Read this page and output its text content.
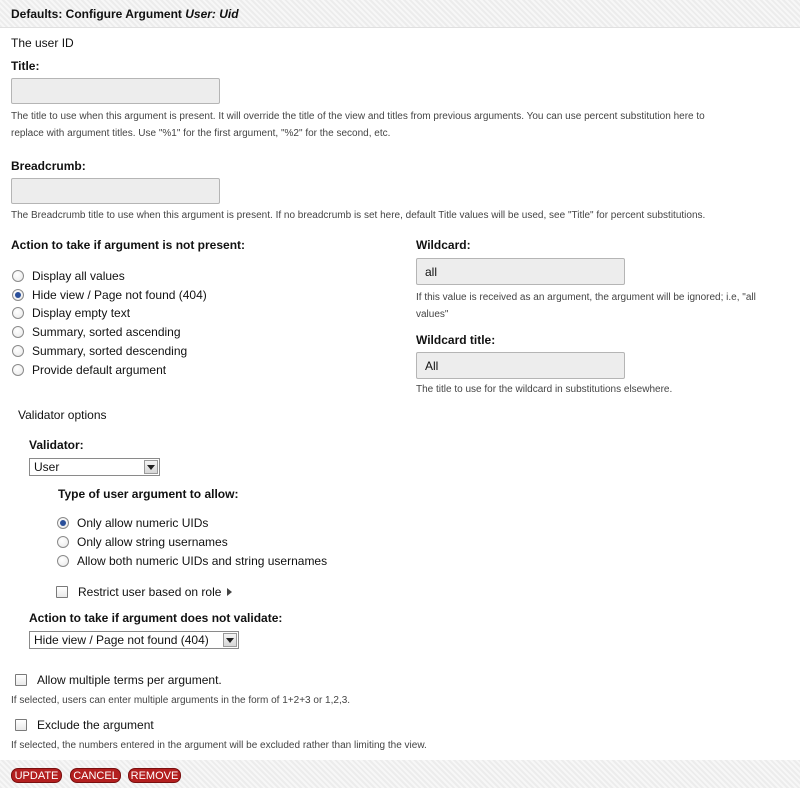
Defaults: Configure Argument User: Uid
The user ID
Title:
The title to use when this argument is present. It will override the title of the view and titles from previous arguments. You can use percent substitution here to
replace with argument titles. Use "%1" for the first argument, "%2" for the second, etc.
Breadcrumb:
The Breadcrumb title to use when this argument is present. If no breadcrumb is set here, default Title values will be used, see "Title" for percent substitutions.
Action to take if argument is not present:
Display all values
Hide view / Page not found (404)
Display empty text
Summary, sorted ascending
Summary, sorted descending
Provide default argument
Wildcard:
all
If this value is received as an argument, the argument will be ignored; i.e, "all
values"
Wildcard title:
All
The title to use for the wildcard in substitutions elsewhere.
Validator options
Validator:
User
Type of user argument to allow:
Only allow numeric UIDs
Only allow string usernames
Allow both numeric UIDs and string usernames
Restrict user based on role
Action to take if argument does not validate:
Hide view / Page not found (404)
Allow multiple terms per argument.
If selected, users can enter multiple arguments in the form of 1+2+3 or 1,2,3.
Exclude the argument
If selected, the numbers entered in the argument will be excluded rather than limiting the view.
UPDATE	CANCEL REMOVE
